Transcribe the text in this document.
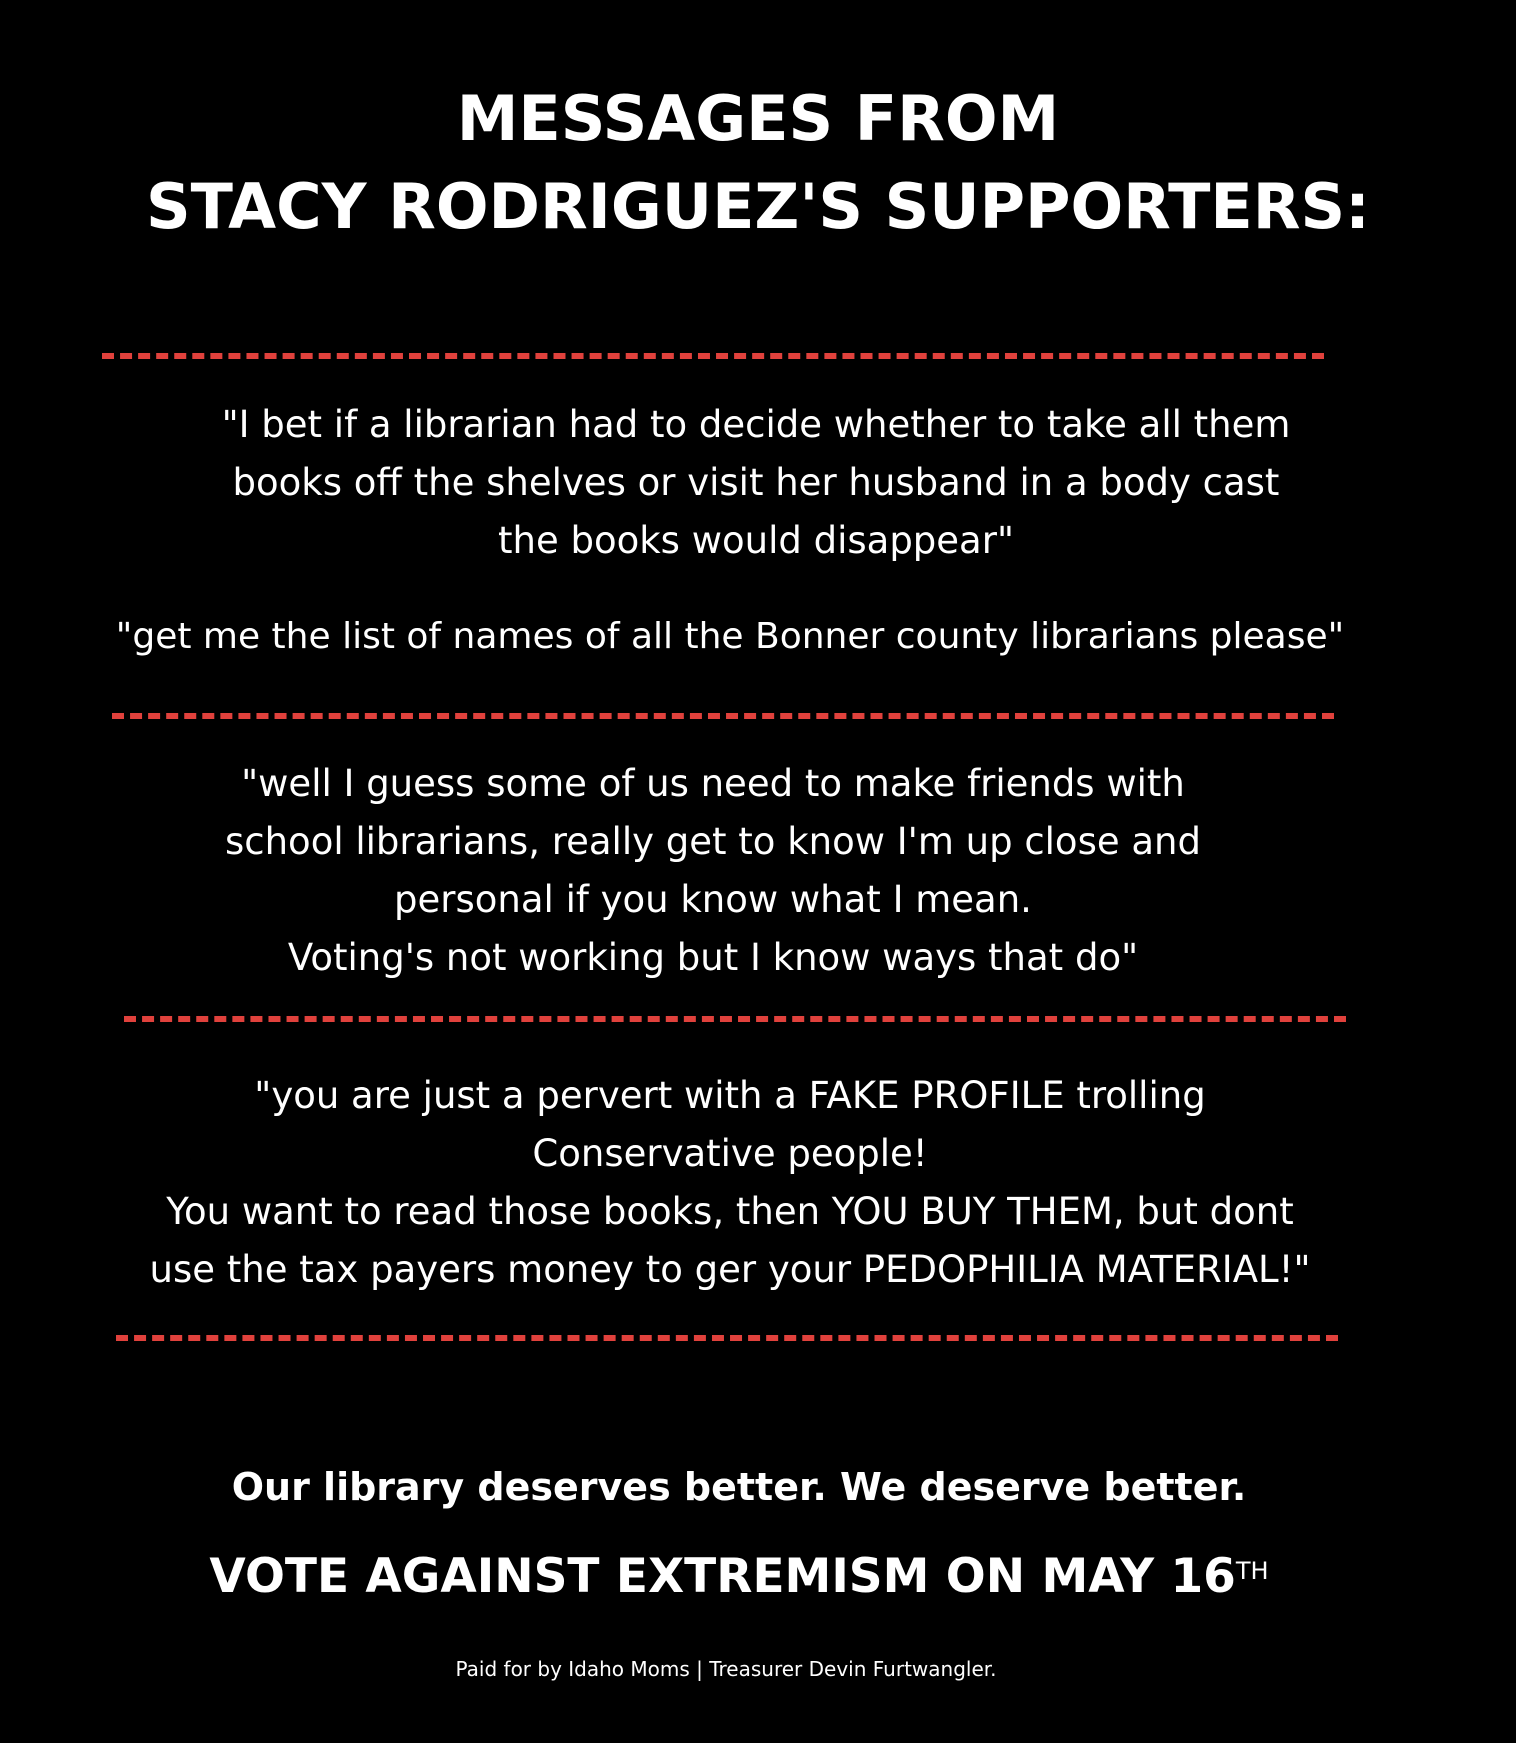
MESSAGES FROM
STACY RODRIGUEZ'S SUPPORTERS:
"I bet if a librarian had to decide whether to take all them
books off the shelves or visit her husband in a body cast
the books would disappear"
"get me the list of names of all the Bonner county librarians please"
"well I guess some of us need to make friends with
school librarians, really get to know I'm up close and
personal if you know what I mean.
Voting's not working but I know ways that do"
"you are just a pervert with a FAKE PROFILE trolling
Conservative people!
You want to read those books, then YOU BUY THEM, but dont
use the tax payers money to ger your PEDOPHILIA MATERIAL!"
Our library deserves better. We deserve better.
VOTE AGAINST EXTREMISM ON MAY 16TH
Paid for by Idaho Moms | Treasurer Devin Furtwangler.
